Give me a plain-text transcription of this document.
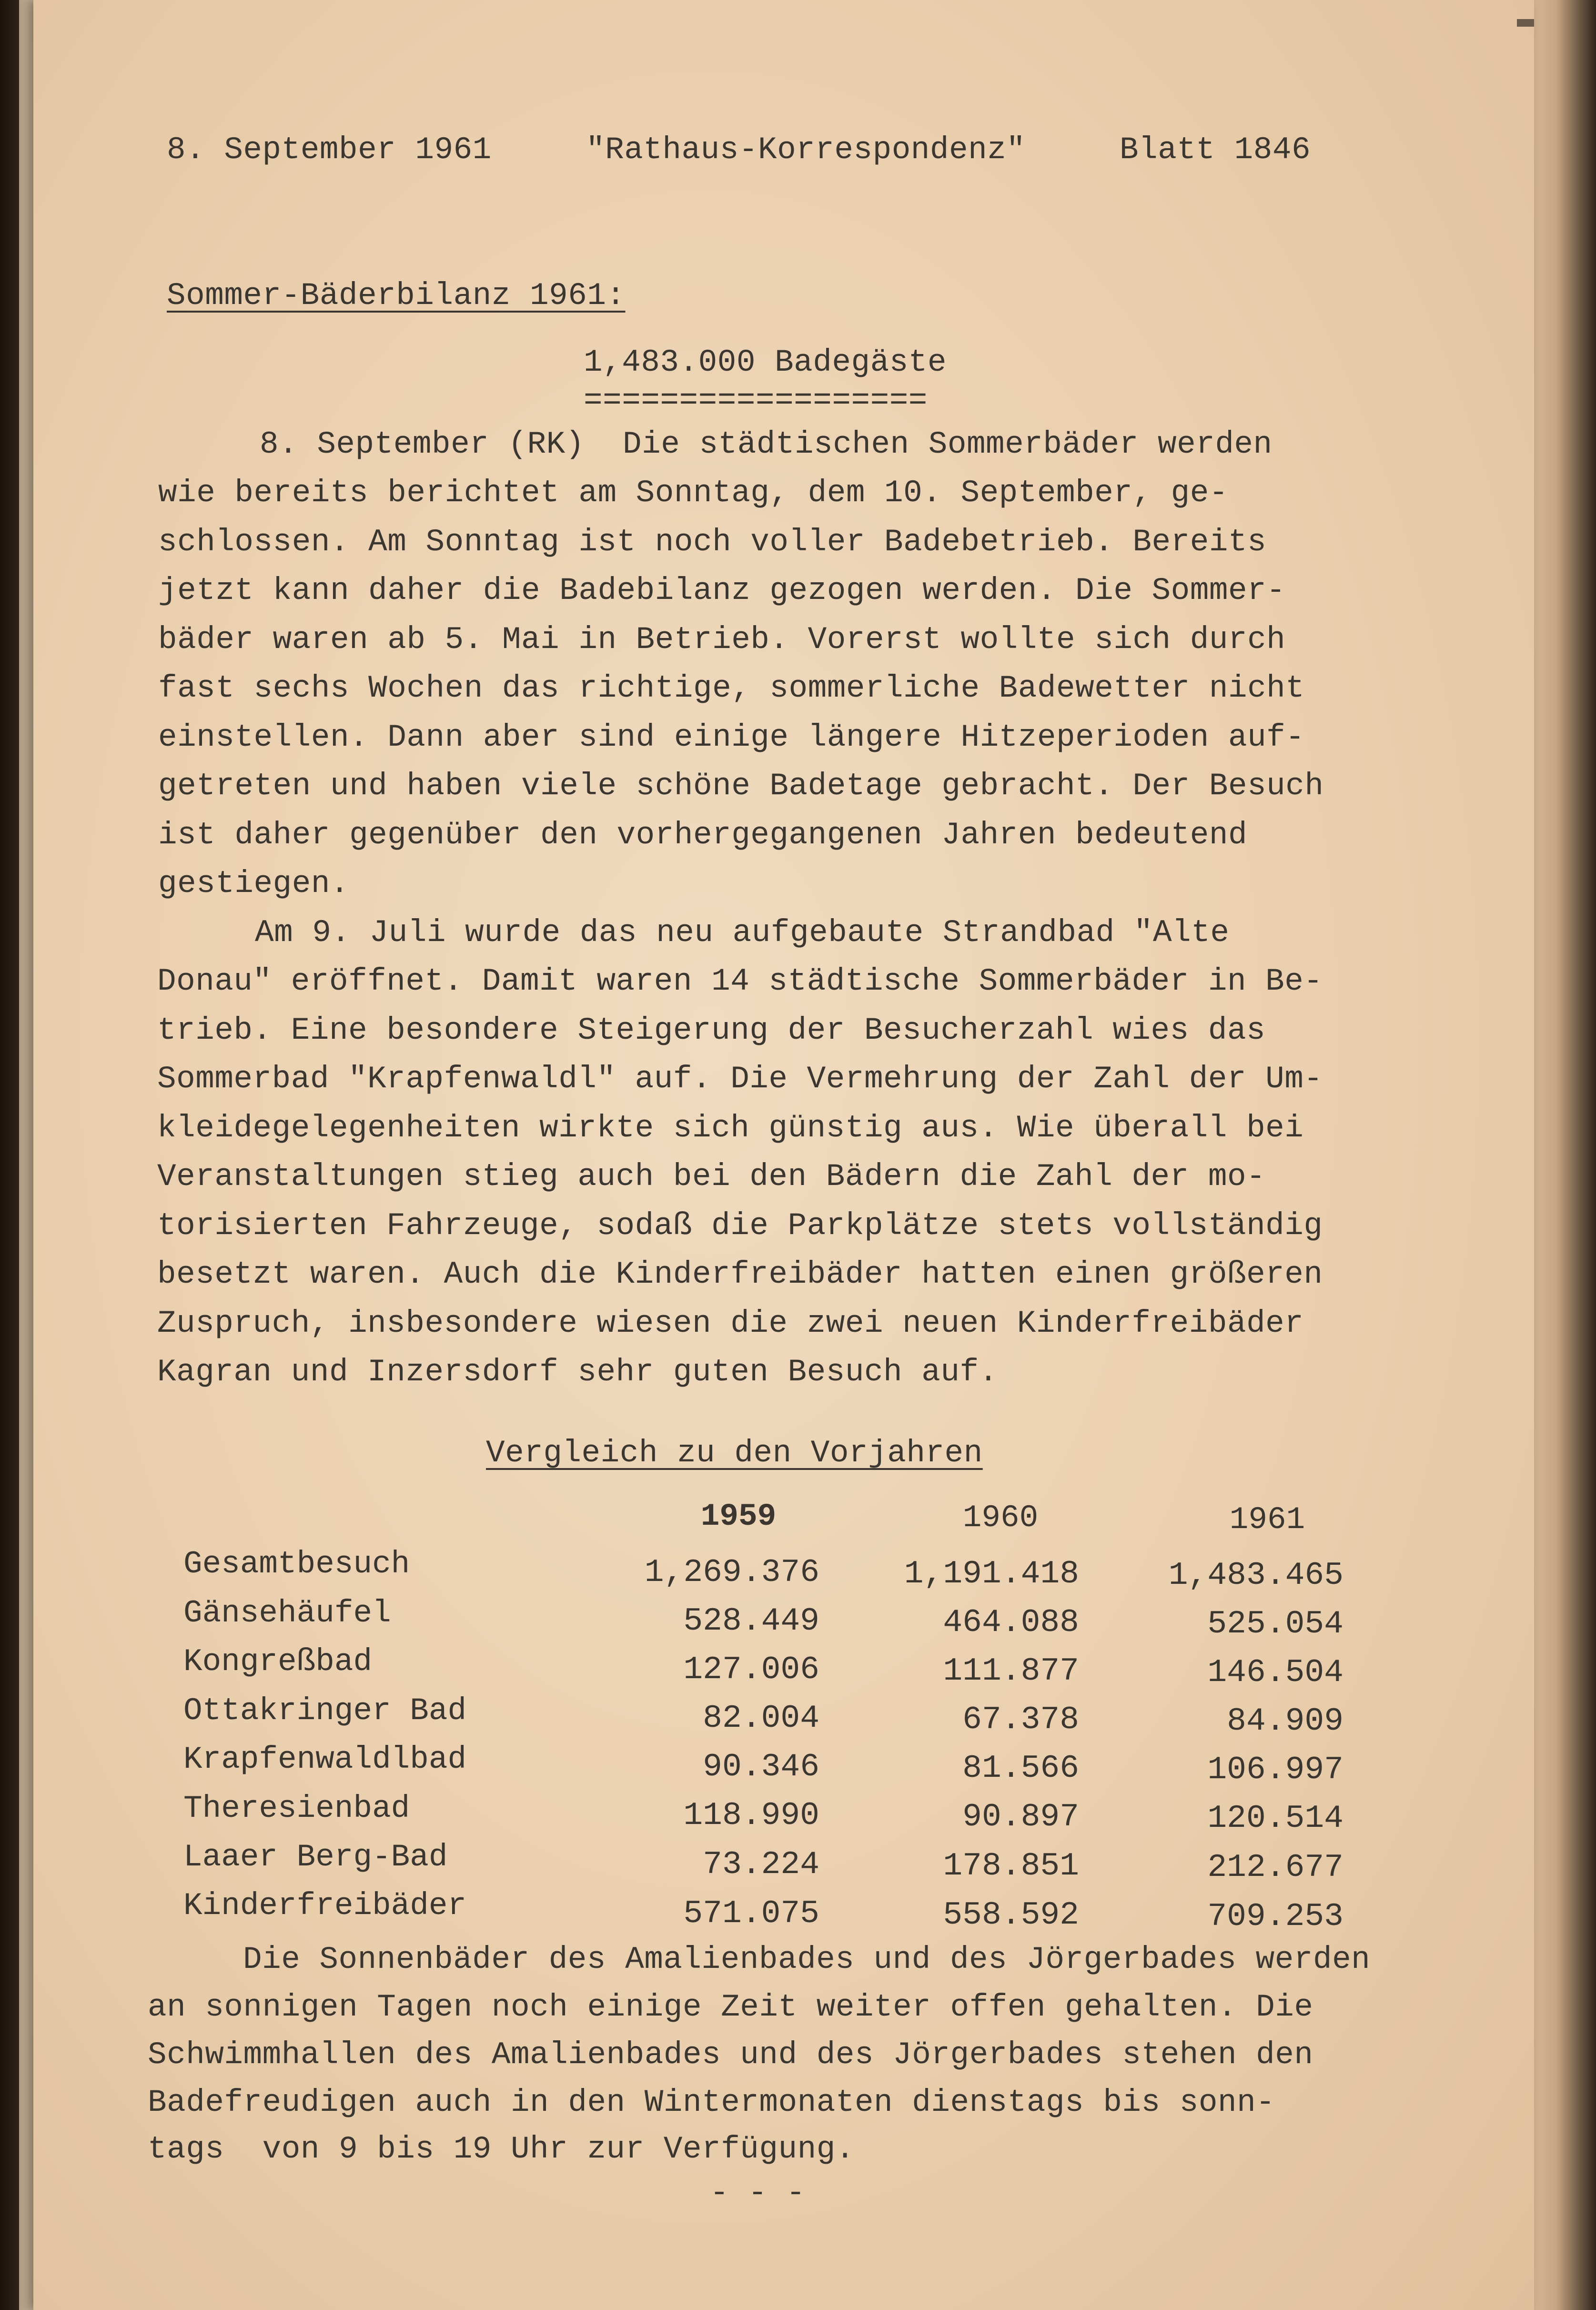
8. September 1961	"Rathaus-Korrespondenz"	Blatt 1846
Sommer-Bäderbilanz 1961:
1,483.000 Badegäste
==================
8. September (RK)  Die städtischen Sommerbäder werden
wie bereits berichtet am Sonntag, dem 10. September, ge-
schlossen. Am Sonntag ist noch voller Badebetrieb. Bereits
jetzt kann daher die Badebilanz gezogen werden. Die Sommer-
bäder waren ab 5. Mai in Betrieb. Vorerst wollte sich durch
fast sechs Wochen das richtige, sommerliche Badewetter nicht
einstellen. Dann aber sind einige längere Hitzeperioden auf-
getreten und haben viele schöne Badetage gebracht. Der Besuch
ist daher gegenüber den vorhergegangenen Jahren bedeutend
gestiegen.
Am 9. Juli wurde das neu aufgebaute Strandbad "Alte
Donau" eröffnet. Damit waren 14 städtische Sommerbäder in Be-
trieb. Eine besondere Steigerung der Besucherzahl wies das
Sommerbad "Krapfenwaldl" auf. Die Vermehrung der Zahl der Um-
kleidegelegenheiten wirkte sich günstig aus. Wie überall bei
Veranstaltungen stieg auch bei den Bädern die Zahl der mo-
torisierten Fahrzeuge, sodaß die Parkplätze stets vollständig
besetzt waren. Auch die Kinderfreibäder hatten einen größeren
Zuspruch, insbesondere wiesen die zwei neuen Kinderfreibäder
Kagran und Inzersdorf sehr guten Besuch auf.
Vergleich zu den Vorjahren
1959	1960	1961
Gesamtbesuch	1,269.376	1,191.418	1,483.465
Gänsehäufel	528.449	464.088	525.054
Kongreßbad	127.006	111.877	146.504
Ottakringer Bad	82.004	67.378	84.909
Krapfenwaldlbad	90.346	81.566	106.997
Theresienbad	118.990	90.897	120.514
Laaer Berg-Bad	73.224	178.851	212.677
Kinderfreibäder	571.075	558.592	709.253
Die Sonnenbäder des Amalienbades und des Jörgerbades werden
an sonnigen Tagen noch einige Zeit weiter offen gehalten. Die
Schwimmhallen des Amalienbades und des Jörgerbades stehen den
Badefreudigen auch in den Wintermonaten dienstags bis sonn-
tags  von 9 bis 19 Uhr zur Verfügung.
- - -
